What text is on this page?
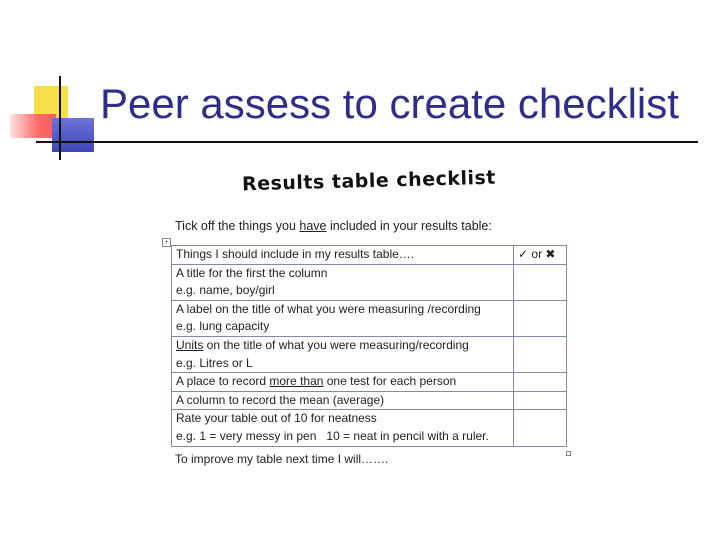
Peer assess to create checklist
Results table checklist
Tick off the things you have included in your results table:
+
Things I should include in my results table….	✓ or ✖

A title for the first the column
e.g. name, boy/girl	

A label on the title of what you were measuring /recording
e.g. lung capacity	

Units on the title of what you were measuring/recording
e.g. Litres or L	

A place to record more than one test for each person	

A column to record the mean (average)	

Rate your table out of 10 for neatness
e.g. 1 = very messy in pen   10 = neat in pencil with a ruler.	

To improve my table next time I will…….
